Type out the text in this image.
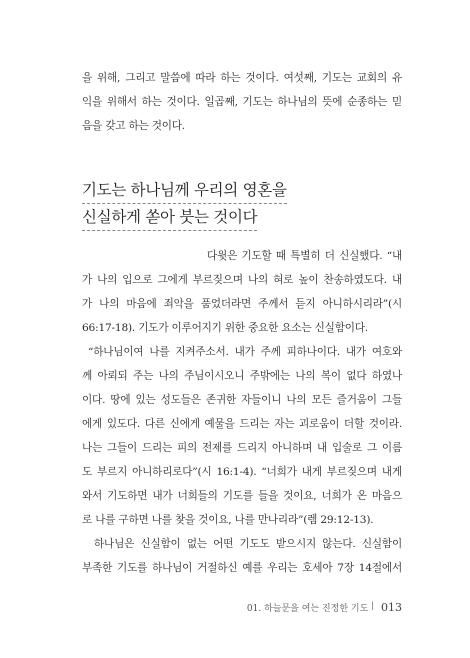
을 위해, 그리고 말씀에 따라 하는 것이다. 여섯째, 기도는 교회의 유
익을 위해서 하는 것이다. 일곱째, 기도는 하나님의 뜻에 순종하는 믿
음을 갖고 하는 것이다.
기도는 하나님께 우리의 영혼을
신실하게 쏟아 붓는 것이다
다윗은 기도할 때 특별히 더 신실했다. “내
가 나의 입으로 그에게 부르짖으며 나의 혀로 높이 찬송하였도다. 내
가 나의 마음에 죄악을 품었더라면 주께서 듣지 아니하시리라”(시
66:17-18). 기도가 이루어지기 위한 중요한 요소는 신실함이다.
“하나님이여 나를 지켜주소서. 내가 주께 피하나이다. 내가 여호와
께 아뢰되 주는 나의 주님이시오니 주밖에는 나의 복이 없다 하였나
이다. 땅에 있는 성도들은 존귀한 자들이니 나의 모든 즐거움이 그들
에게 있도다. 다른 신에게 예물을 드리는 자는 괴로움이 더할 것이라.
나는 그들이 드리는 피의 전제를 드리지 아니하며 내 입술로 그 이름
도 부르지 아니하리로다”(시 16:1-4). “너희가 내게 부르짖으며 내게
와서 기도하면 내가 너희들의 기도를 들을 것이요, 너희가 온 마음으
로 나를 구하면 나를 찾을 것이요, 나를 만나리라”(렘 29:12-13).
하나님은 신실함이 없는 어떤 기도도 받으시지 않는다. 신실함이
부족한 기도를 하나님이 거절하신 예를 우리는 호세아 7장 14절에서
01. 하늘문을 여는 진정한 기도 | 013
